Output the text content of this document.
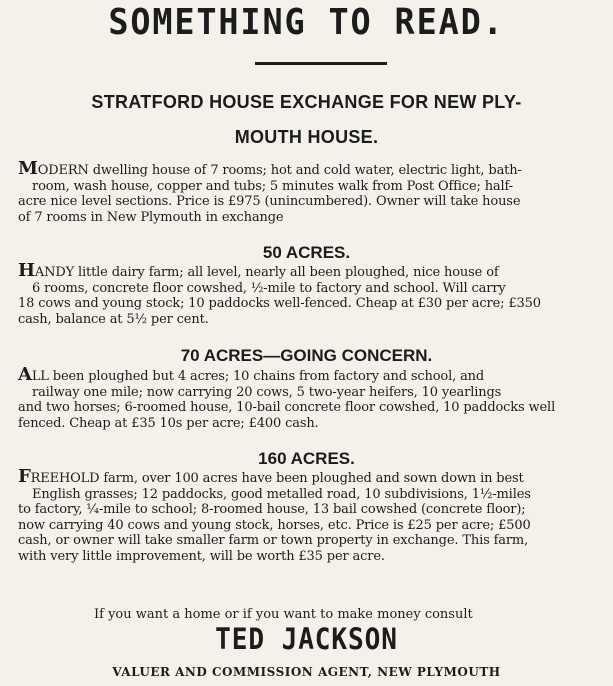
SOMETHING TO READ.
STRATFORD HOUSE EXCHANGE FOR NEW PLY-
MOUTH HOUSE.
MODERN dwelling house of 7 rooms; hot and cold water, electric light, bath-
room, wash house, copper and tubs; 5 minutes walk from Post Office; half-
acre nice level sections. Price is £975 (unincumbered). Owner will take house
of 7 rooms in New Plymouth in exchange
50 ACRES.
HANDY little dairy farm; all level, nearly all been ploughed, nice house of
6 rooms, concrete floor cowshed, ½-mile to factory and school. Will carry
18 cows and young stock; 10 paddocks well-fenced. Cheap at £30 per acre; £350
cash, balance at 5½ per cent.
70 ACRES—GOING CONCERN.
ALL been ploughed but 4 acres; 10 chains from factory and school, and
railway one mile; now carrying 20 cows, 5 two-year heifers, 10 yearlings
and two horses; 6-roomed house, 10-bail concrete floor cowshed, 10 paddocks well
fenced. Cheap at £35 10s per acre; £400 cash.
160 ACRES.
FREEHOLD farm, over 100 acres have been ploughed and sown down in best
English grasses; 12 paddocks, good metalled road, 10 subdivisions, 1½-miles
to factory, ¼-mile to school; 8-roomed house, 13 bail cowshed (concrete floor);
now carrying 40 cows and young stock, horses, etc. Price is £25 per acre; £500
cash, or owner will take smaller farm or town property in exchange. This farm,
with very little improvement, will be worth £35 per acre.
If you want a home or if you want to make money consult
TED JACKSON
VALUER AND COMMISSION AGENT, NEW PLYMOUTH
